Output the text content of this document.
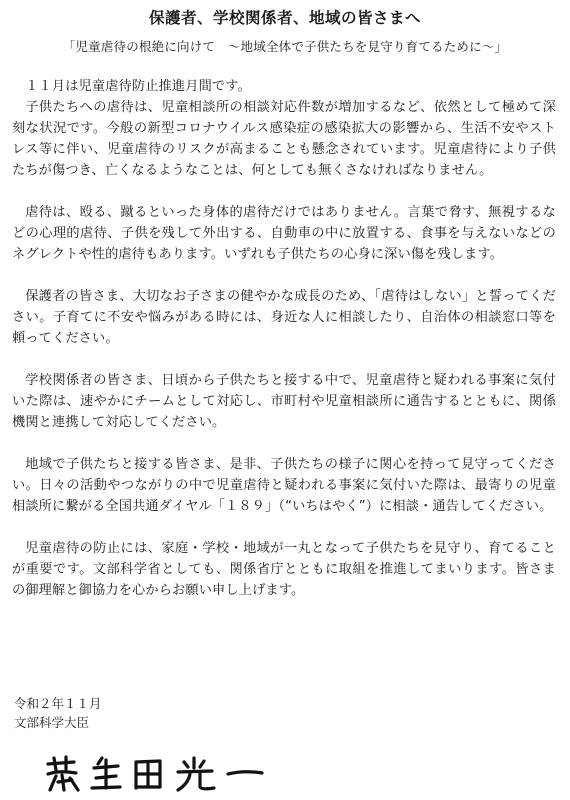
保護者、学校関係者、地域の皆さまへ

「児童虐待の根絶に向けて　～地域全体で子供たちを見守り育てるために～」

１１月は児童虐待防止推進月間です。

子供たちへの虐待は、児童相談所の相談対応件数が増加するなど、依然として極めて深刻な状況です。今般の新型コロナウイルス感染症の感染拡大の影響から、生活不安やストレス等に伴い、児童虐待のリスクが高まることも懸念されています。児童虐待により子供たちが傷つき、亡くなるようなことは、何としても無くさなければなりません。

虐待は、殴る、蹴るといった身体的虐待だけではありません。言葉で脅す、無視するなどの心理的虐待、子供を残して外出する、自動車の中に放置する、食事を与えないなどのネグレクトや性的虐待もあります。いずれも子供たちの心身に深い傷を残します。

保護者の皆さま、大切なお子さまの健やかな成長のため、「虐待はしない」と誓ってください。子育てに不安や悩みがある時には、身近な人に相談したり、自治体の相談窓口等を頼ってください。

学校関係者の皆さま、日頃から子供たちと接する中で、児童虐待と疑われる事案に気付いた際は、速やかにチームとして対応し、市町村や児童相談所に通告するとともに、関係機関と連携して対応してください。

地域で子供たちと接する皆さま、是非、子供たちの様子に関心を持って見守ってください。日々の活動やつながりの中で児童虐待と疑われる事案に気付いた際は、最寄りの児童相談所に繋がる全国共通ダイヤル「１８９」（“いちはやく”）に相談・通告してください。

児童虐待の防止には、家庭・学校・地域が一丸となって子供たちを見守り、育てることが重要です。文部科学省としても、関係省庁とともに取組を推進してまいります。皆さまの御理解と御協力を心からお願い申し上げます。

令和２年１１月
文部科学大臣
